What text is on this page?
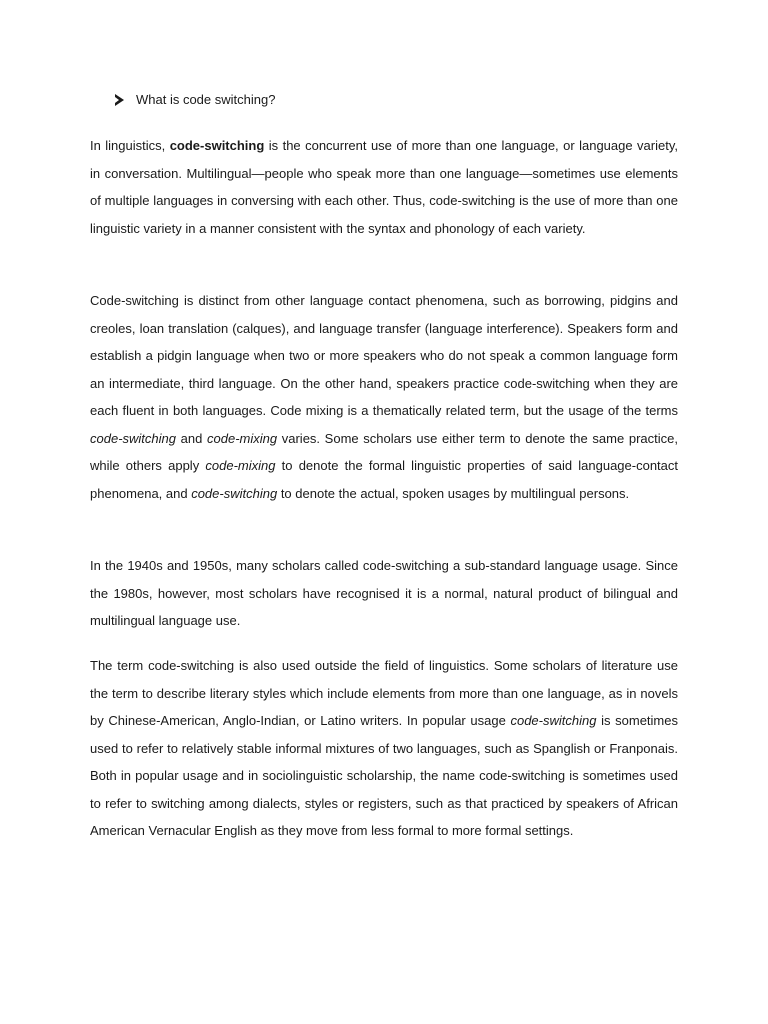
What is code switching?

In linguistics, code-switching is the concurrent use of more than one language, or language variety, in conversation. Multilingual—people who speak more than one language—sometimes use elements of multiple languages in conversing with each other. Thus, code-switching is the use of more than one linguistic variety in a manner consistent with the syntax and phonology of each variety.

Code-switching is distinct from other language contact phenomena, such as borrowing, pidgins and creoles, loan translation (calques), and language transfer (language interference). Speakers form and establish a pidgin language when two or more speakers who do not speak a common language form an intermediate, third language. On the other hand, speakers practice code-switching when they are each fluent in both languages. Code mixing is a thematically related term, but the usage of the terms code-switching and code-mixing varies. Some scholars use either term to denote the same practice, while others apply code-mixing to denote the formal linguistic properties of said language-contact phenomena, and code-switching to denote the actual, spoken usages by multilingual persons.

In the 1940s and 1950s, many scholars called code-switching a sub-standard language usage. Since the 1980s, however, most scholars have recognised it is a normal, natural product of bilingual and multilingual language use.

The term code-switching is also used outside the field of linguistics. Some scholars of literature use the term to describe literary styles which include elements from more than one language, as in novels by Chinese-American, Anglo-Indian, or Latino writers. In popular usage code-switching is sometimes used to refer to relatively stable informal mixtures of two languages, such as Spanglish or Franponais. Both in popular usage and in sociolinguistic scholarship, the name code-switching is sometimes used to refer to switching among dialects, styles or registers, such as that practiced by speakers of African American Vernacular English as they move from less formal to more formal settings.
